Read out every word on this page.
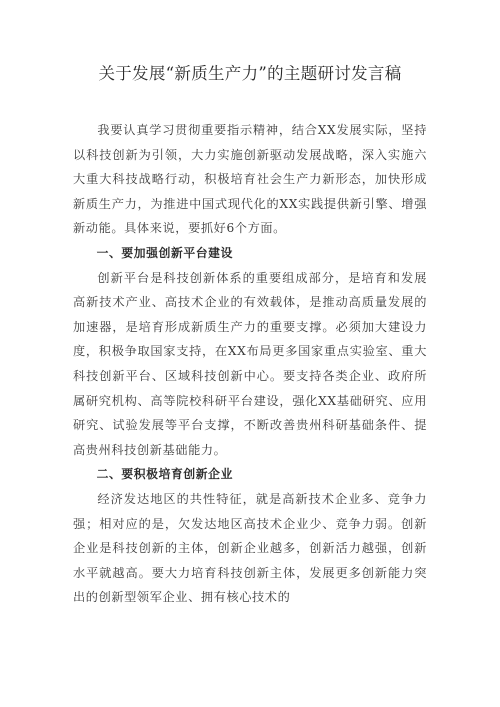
关于发展“新质生产力”的主题研讨发言稿

我要认真学习贯彻重要指示精神，结合XX发展实际，坚持以科技创新为引领，大力实施创新驱动发展战略，深入实施六大重大科技战略行动，积极培育社会生产力新形态，加快形成新质生产力，为推进中国式现代化的XX实践提供新引擎、增强新动能。具体来说，要抓好6个方面。

一、要加强创新平台建设

创新平台是科技创新体系的重要组成部分，是培育和发展高新技术产业、高技术企业的有效载体，是推动高质量发展的加速器，是培育形成新质生产力的重要支撑。必须加大建设力度，积极争取国家支持，在XX布局更多国家重点实验室、重大科技创新平台、区域科技创新中心。要支持各类企业、政府所属研究机构、高等院校科研平台建设，强化XX基础研究、应用研究、试验发展等平台支撑，不断改善贵州科研基础条件、提高贵州科技创新基础能力。

二、要积极培育创新企业

经济发达地区的共性特征，就是高新技术企业多、竞争力强；相对应的是，欠发达地区高技术企业少、竞争力弱。创新企业是科技创新的主体，创新企业越多，创新活力越强，创新水平就越高。要大力培育科技创新主体，发展更多创新能力突出的创新型领军企业、拥有核心技术的
